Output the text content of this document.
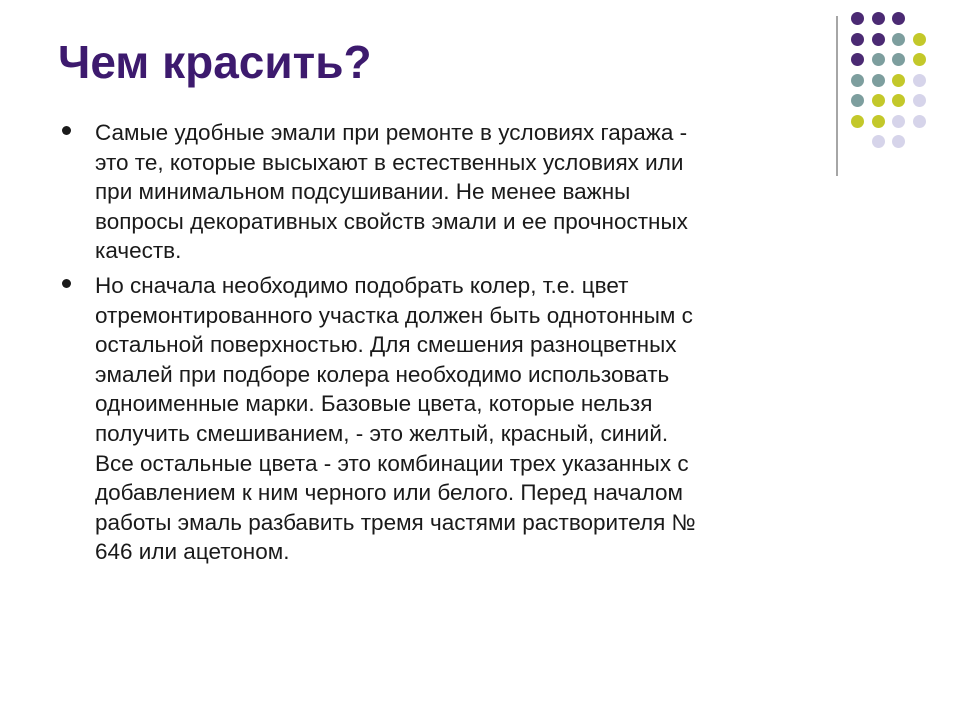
Чем красить?
Самые удобные эмали при ремонте в условиях гаража -
это те, которые высыхают в естественных условиях или
при минимальном подсушивании. Не менее важны
вопросы декоративных свойств эмали и ее прочностных
качеств.
Но сначала необходимо подобрать колер, т.е. цвет
отремонтированного участка должен быть однотонным с
остальной поверхностью. Для смешения разноцветных
эмалей при подборе колера необходимо использовать
одноименные марки. Базовые цвета, которые нельзя
получить смешиванием, - это желтый, красный, синий.
Все остальные цвета - это комбинации трех указанных с
добавлением к ним черного или белого. Перед началом
работы эмаль разбавить тремя частями растворителя №
646 или ацетоном.
